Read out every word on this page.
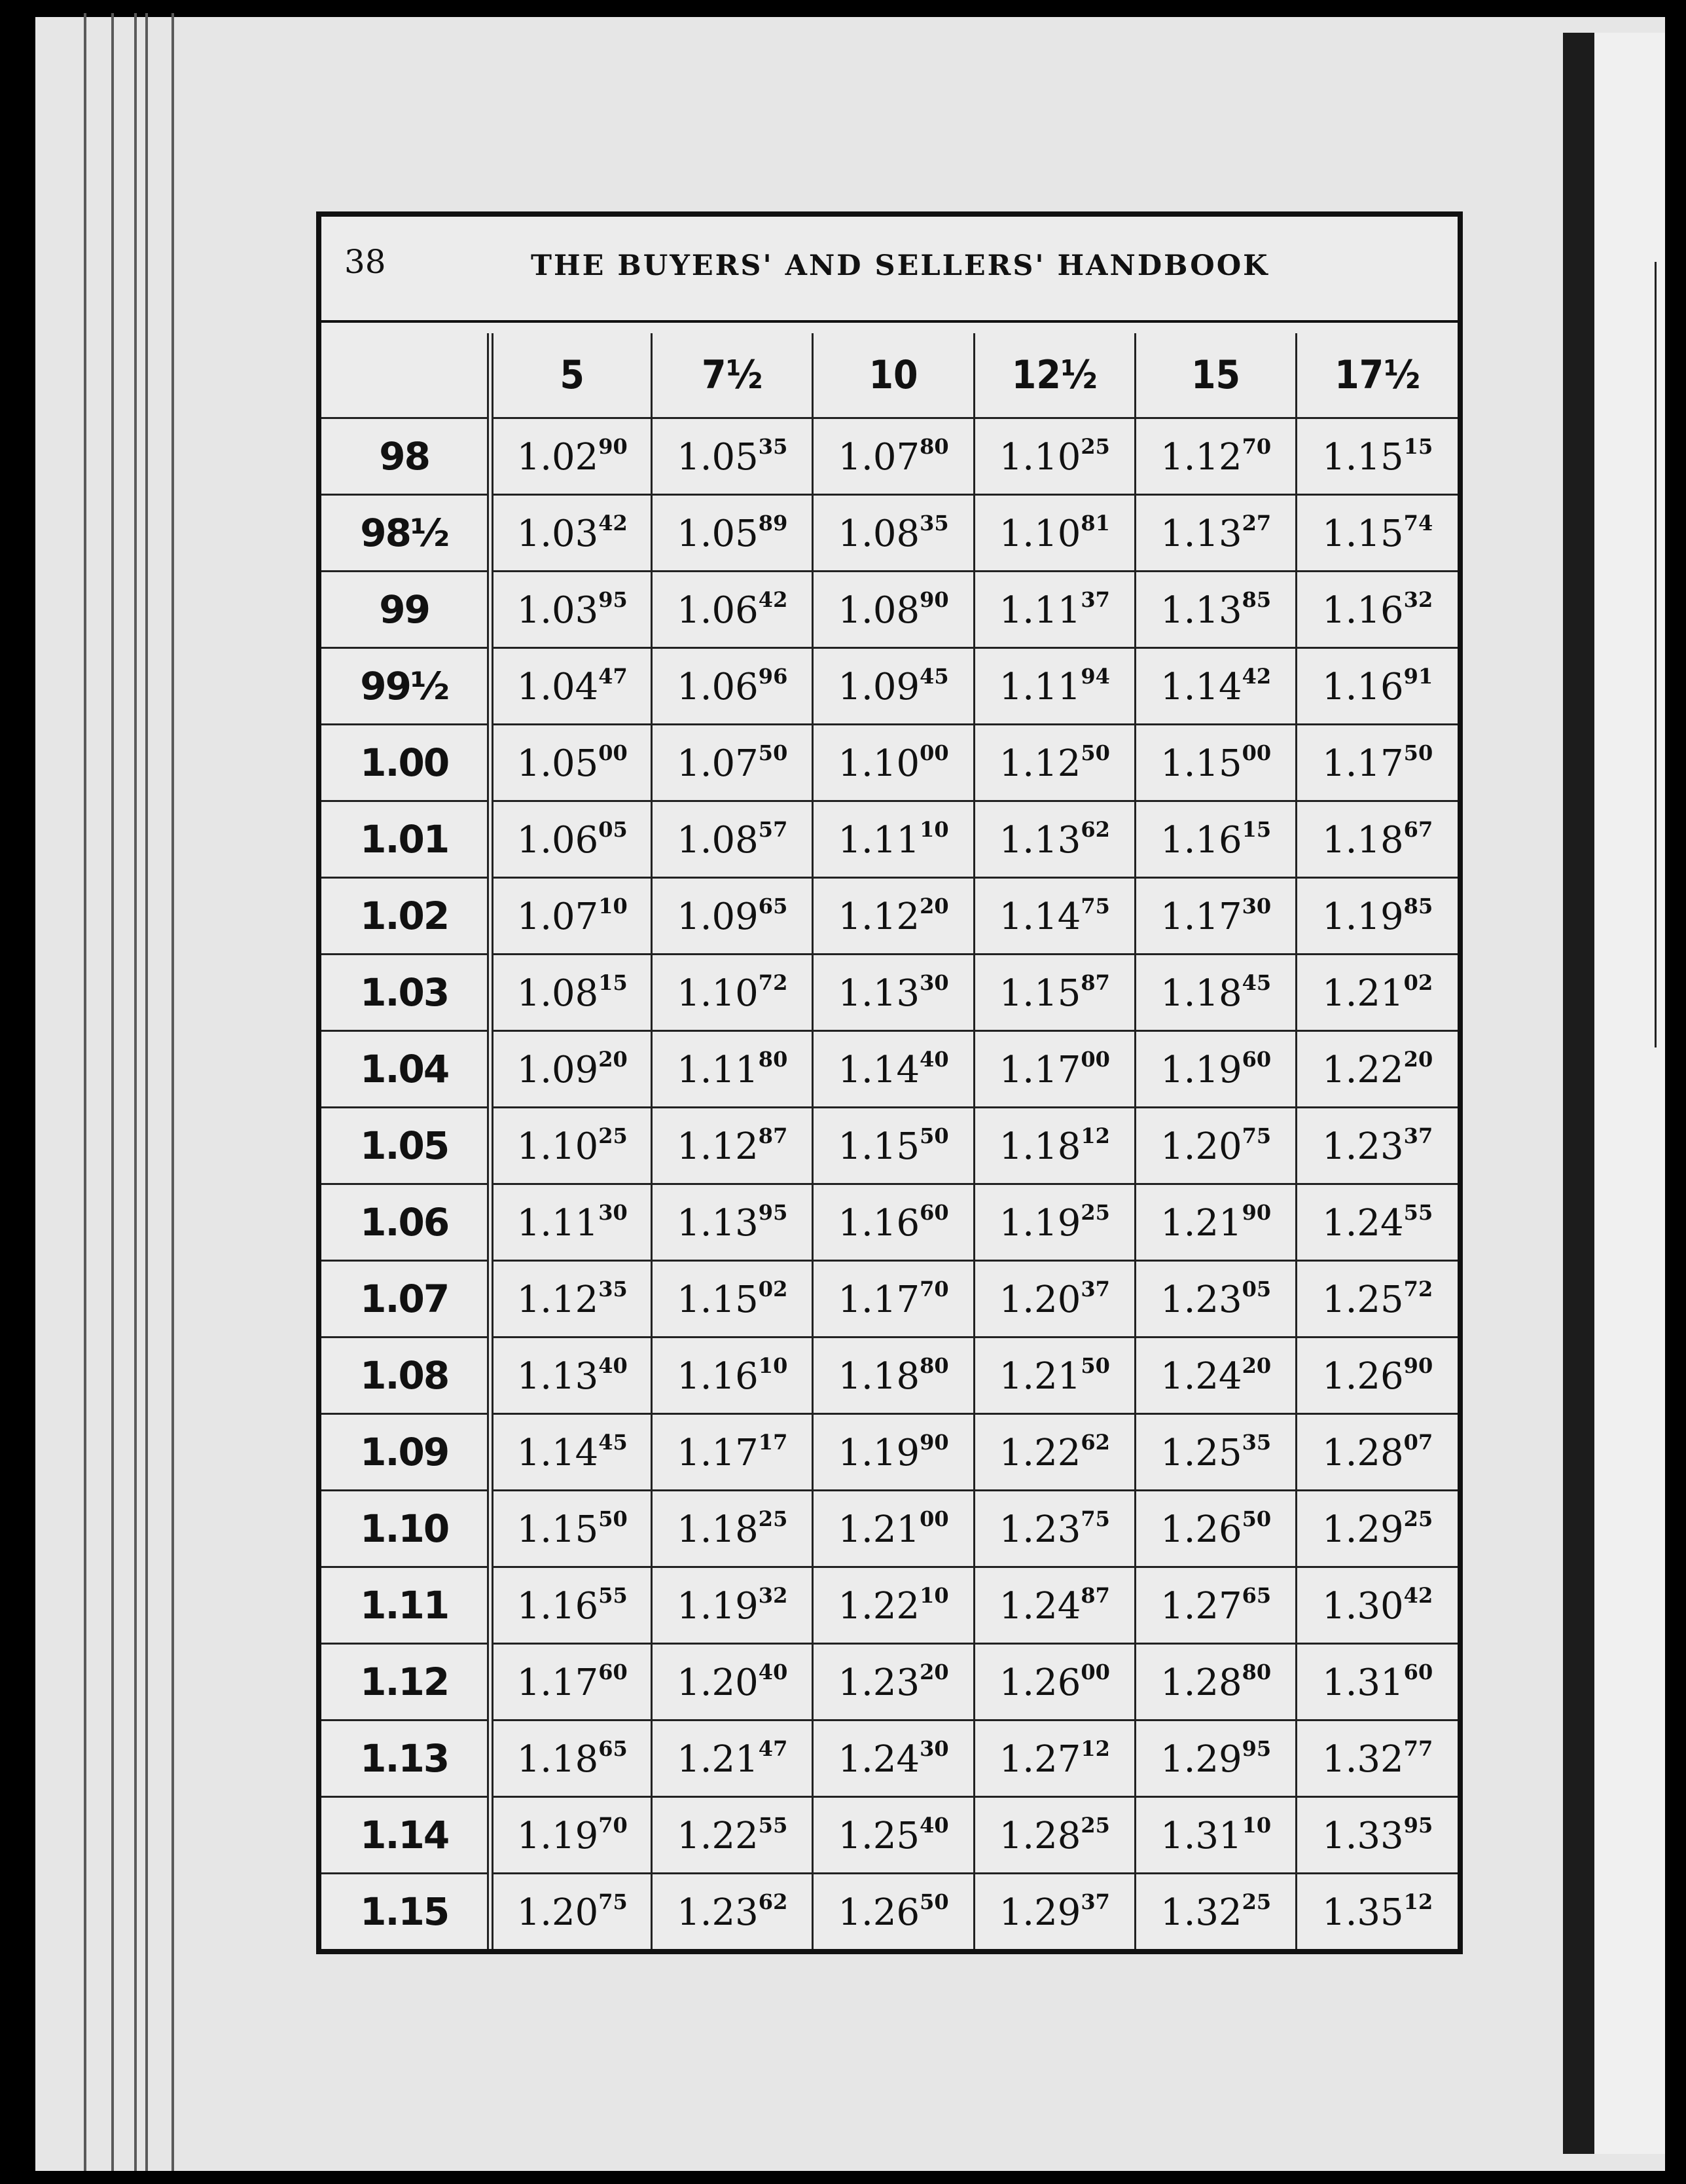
38	THE BUYERS' AND SELLERS' HANDBOOK
	5	7½	10	12½	15	17½
98	1.02$^{90}$	1.05$^{35}$	1.07$^{80}$	1.10$^{25}$	1.12$^{70}$	1.15$^{15}$
98½	1.03$^{42}$	1.05$^{89}$	1.08$^{35}$	1.10$^{81}$	1.13$^{27}$	1.15$^{74}$
99	1.03$^{95}$	1.06$^{42}$	1.08$^{90}$	1.11$^{37}$	1.13$^{85}$	1.16$^{32}$
99½	1.04$^{47}$	1.06$^{96}$	1.09$^{45}$	1.11$^{94}$	1.14$^{42}$	1.16$^{91}$
1.00	1.05$^{00}$	1.07$^{50}$	1.10$^{00}$	1.12$^{50}$	1.15$^{00}$	1.17$^{50}$
1.01	1.06$^{05}$	1.08$^{57}$	1.11$^{10}$	1.13$^{62}$	1.16$^{15}$	1.18$^{67}$
1.02	1.07$^{10}$	1.09$^{65}$	1.12$^{20}$	1.14$^{75}$	1.17$^{30}$	1.19$^{85}$
1.03	1.08$^{15}$	1.10$^{72}$	1.13$^{30}$	1.15$^{87}$	1.18$^{45}$	1.21$^{02}$
1.04	1.09$^{20}$	1.11$^{80}$	1.14$^{40}$	1.17$^{00}$	1.19$^{60}$	1.22$^{20}$
1.05	1.10$^{25}$	1.12$^{87}$	1.15$^{50}$	1.18$^{12}$	1.20$^{75}$	1.23$^{37}$
1.06	1.11$^{30}$	1.13$^{95}$	1.16$^{60}$	1.19$^{25}$	1.21$^{90}$	1.24$^{55}$
1.07	1.12$^{35}$	1.15$^{02}$	1.17$^{70}$	1.20$^{37}$	1.23$^{05}$	1.25$^{72}$
1.08	1.13$^{40}$	1.16$^{10}$	1.18$^{80}$	1.21$^{50}$	1.24$^{20}$	1.26$^{90}$
1.09	1.14$^{45}$	1.17$^{17}$	1.19$^{90}$	1.22$^{62}$	1.25$^{35}$	1.28$^{07}$
1.10	1.15$^{50}$	1.18$^{25}$	1.21$^{00}$	1.23$^{75}$	1.26$^{50}$	1.29$^{25}$
1.11	1.16$^{55}$	1.19$^{32}$	1.22$^{10}$	1.24$^{87}$	1.27$^{65}$	1.30$^{42}$
1.12	1.17$^{60}$	1.20$^{40}$	1.23$^{20}$	1.26$^{00}$	1.28$^{80}$	1.31$^{60}$
1.13	1.18$^{65}$	1.21$^{47}$	1.24$^{30}$	1.27$^{12}$	1.29$^{95}$	1.32$^{77}$
1.14	1.19$^{70}$	1.22$^{55}$	1.25$^{40}$	1.28$^{25}$	1.31$^{10}$	1.33$^{95}$
1.15	1.20$^{75}$	1.23$^{62}$	1.26$^{50}$	1.29$^{37}$	1.32$^{25}$	1.35$^{12}$
